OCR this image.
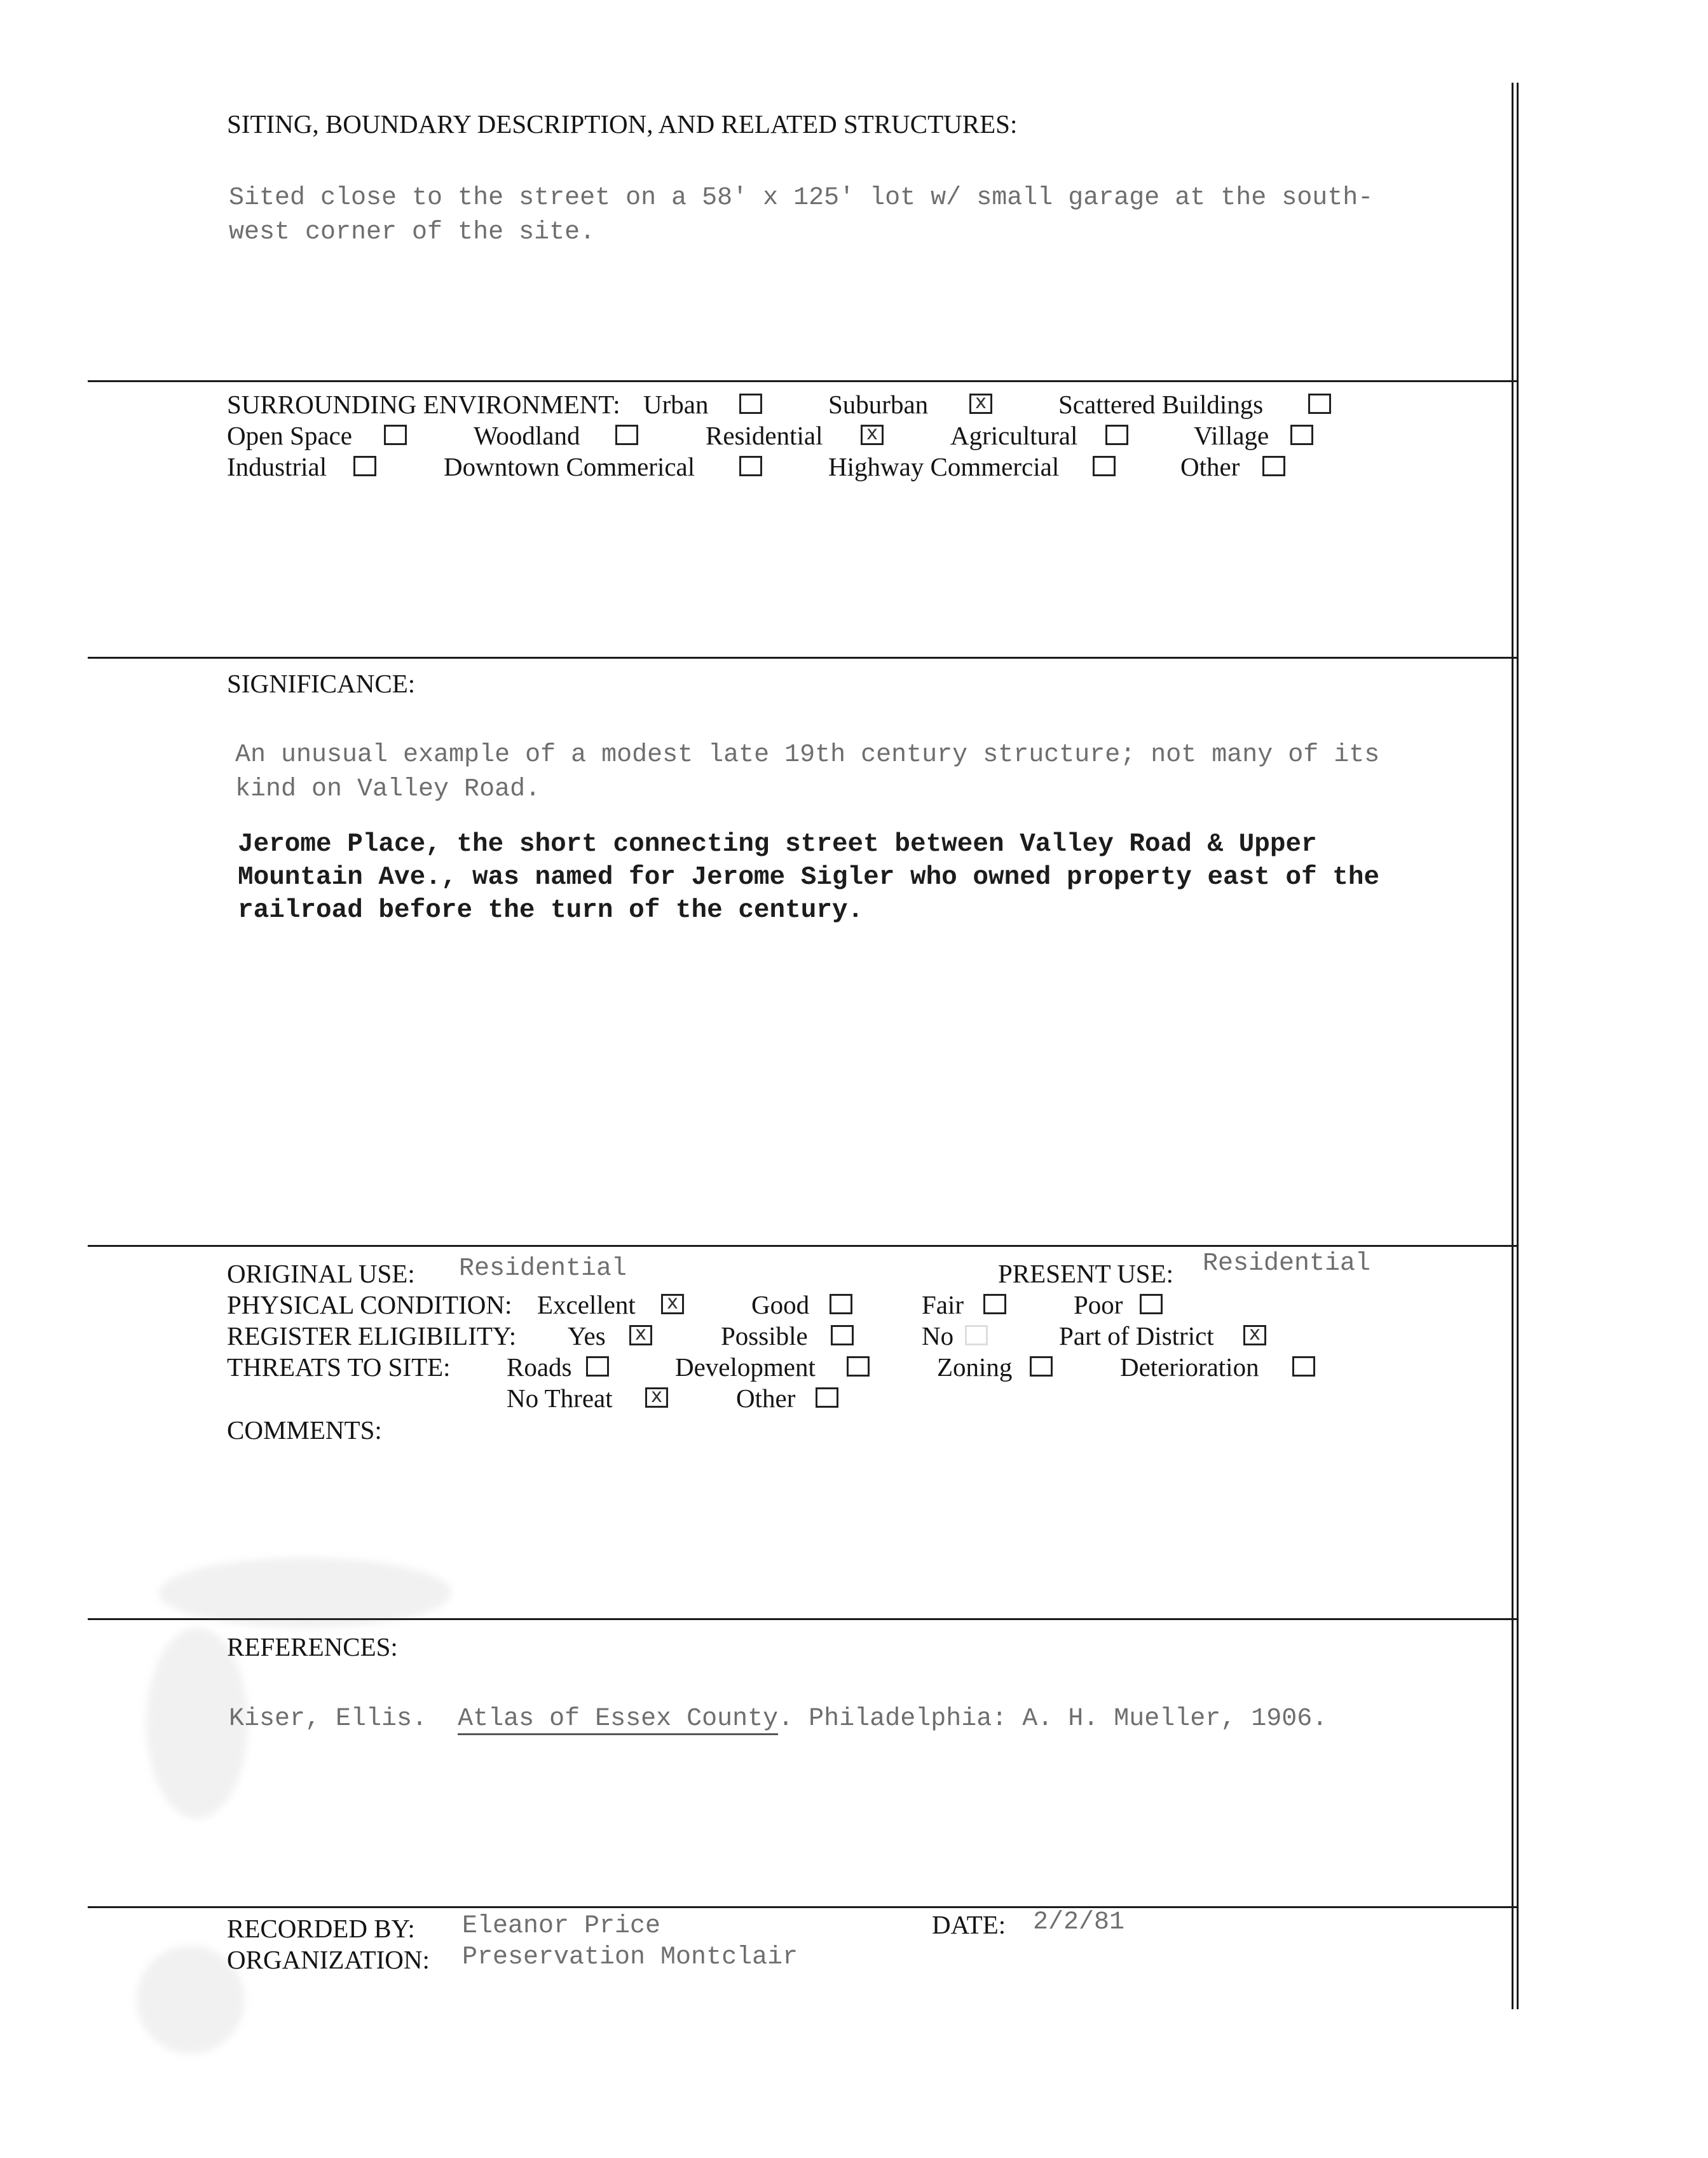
SITING, BOUNDARY DESCRIPTION, AND RELATED STRUCTURES:
Sited close to the street on a 58' x 125' lot w/ small garage at the south-
west corner of the site.
SURROUNDING ENVIRONMENT: Urban	Suburban	x	Scattered Buildings
Open Space	Woodland	Residential	x	Agricultural	Village
Industrial	Downtown Commerical	Highway Commercial	Other
SIGNIFICANCE:
An unusual example of a modest late 19th century structure; not many of its
kind on Valley Road.
Jerome Place, the short connecting street between Valley Road & Upper
Mountain Ave., was named for Jerome Sigler who owned property east of the
railroad before the turn of the century.
ORIGINAL USE: Residential	PRESENT USE: Residential
PHYSICAL CONDITION: Excellent	x	Good	Fair	Poor
REGISTER ELIGIBILITY: Yes	x	Possible	No	Part of District	x
THREATS TO SITE: Roads	Development	Zoning	Deterioration
No Threat	x	Other
COMMENTS:
REFERENCES:
Kiser, Ellis. Atlas of Essex County. Philadelphia: A. H. Mueller, 1906.
RECORDED BY: Eleanor Price
ORGANIZATION: Preservation Montclair
DATE: 2/2/81
